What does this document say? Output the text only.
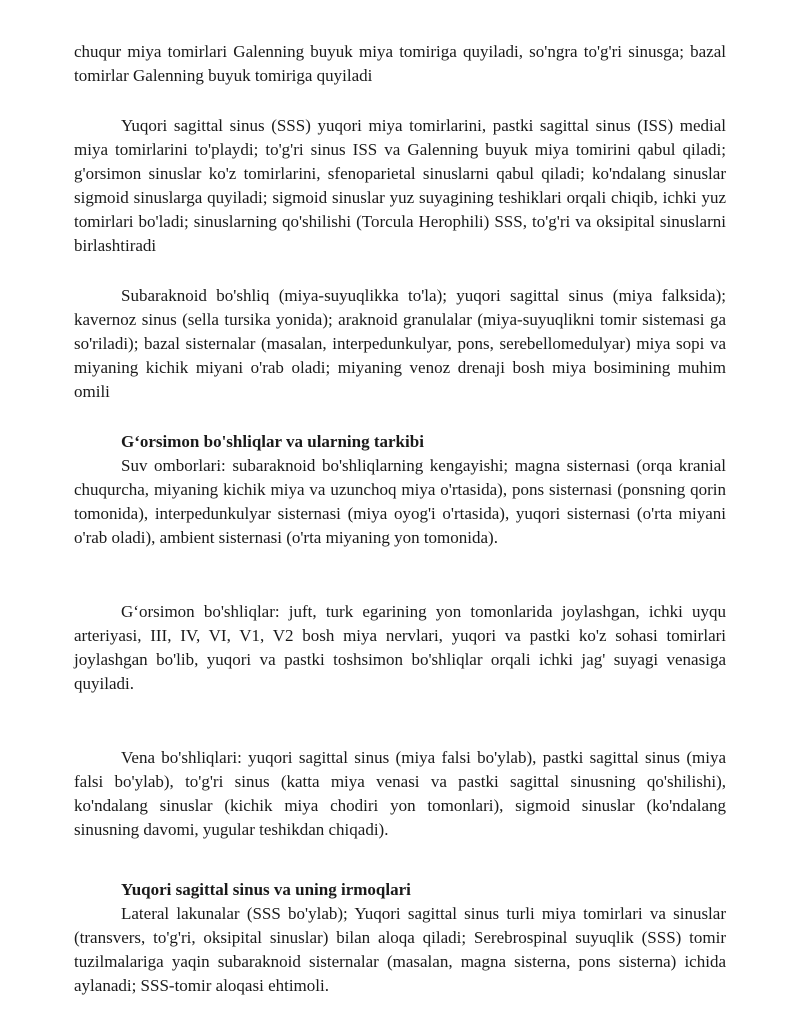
chuqur miya tomirlari Galenning buyuk miya tomiriga quyiladi, so'ngra to'g'ri sinusga; bazal tomirlar Galenning buyuk tomiriga quyiladi

Yuqori sagittal sinus (SSS) yuqori miya tomirlarini, pastki sagittal sinus (ISS) medial miya tomirlarini to'playdi; to'g'ri sinus ISS va Galenning buyuk miya tomirini qabul qiladi; g'orsimon sinuslar ko'z tomirlarini, sfenoparietal sinuslarni qabul qiladi; ko'ndalang sinuslar sigmoid sinuslarga quyiladi; sigmoid sinuslar yuz suyagining teshiklari orqali chiqib, ichki yuz tomirlari bo'ladi; sinuslarning qo'shilishi (Torcula Herophili) SSS, to'g'ri va oksipital sinuslarni birlashtiradi

Subaraknoid bo'shliq (miya-suyuqlikka to'la); yuqori sagittal sinus (miya falksida); kavernoz sinus (sella tursika yonida); araknoid granulalar (miya-suyuqlikni tomir sistemasi ga so'riladi); bazal sisternalar (masalan, interpedunkulyar, pons, serebellomedulyar) miya sopi va miyaning kichik miyani o'rab oladi; miyaning venoz drenaji bosh miya bosimining muhim omili

G‘orsimon bo'shliqlar va ularning tarkibi

Suv omborlari: subaraknoid bo'shliqlarning kengayishi; magna sisternasi (orqa kranial chuqurcha, miyaning kichik miya va uzunchoq miya o'rtasida), pons sisternasi (ponsning qorin tomonida), interpedunkulyar sisternasi (miya oyog'i o'rtasida), yuqori sisternasi (o'rta miyani o'rab oladi), ambient sisternasi (o'rta miyaning yon tomonida).

G‘orsimon bo'shliqlar: juft, turk egarining yon tomonlarida joylashgan, ichki uyqu arteriyasi, III, IV, VI, V1, V2 bosh miya nervlari, yuqori va pastki ko'z sohasi tomirlari joylashgan bo'lib, yuqori va pastki toshsimon bo'shliqlar orqali ichki jag' suyagi venasiga quyiladi.

Vena bo'shliqlari: yuqori sagittal sinus (miya falsi bo'ylab), pastki sagittal sinus (miya falsi bo'ylab), to'g'ri sinus (katta miya venasi va pastki sagittal sinusning qo'shilishi), ko'ndalang sinuslar (kichik miya chodiri yon tomonlari), sigmoid sinuslar (ko'ndalang sinusning davomi, yugular teshikdan chiqadi).

Yuqori sagittal sinus va uning irmoqlari

Lateral lakunalar (SSS bo'ylab); Yuqori sagittal sinus turli miya tomirlari va sinuslar (transvers, to'g'ri, oksipital sinuslar) bilan aloqa qiladi; Serebrospinal suyuqlik (SSS) tomir tuzilmalariga yaqin subaraknoid sisternalar (masalan, magna sisterna, pons sisterna) ichida aylanadi; SSS-tomir aloqasi ehtimoli.
